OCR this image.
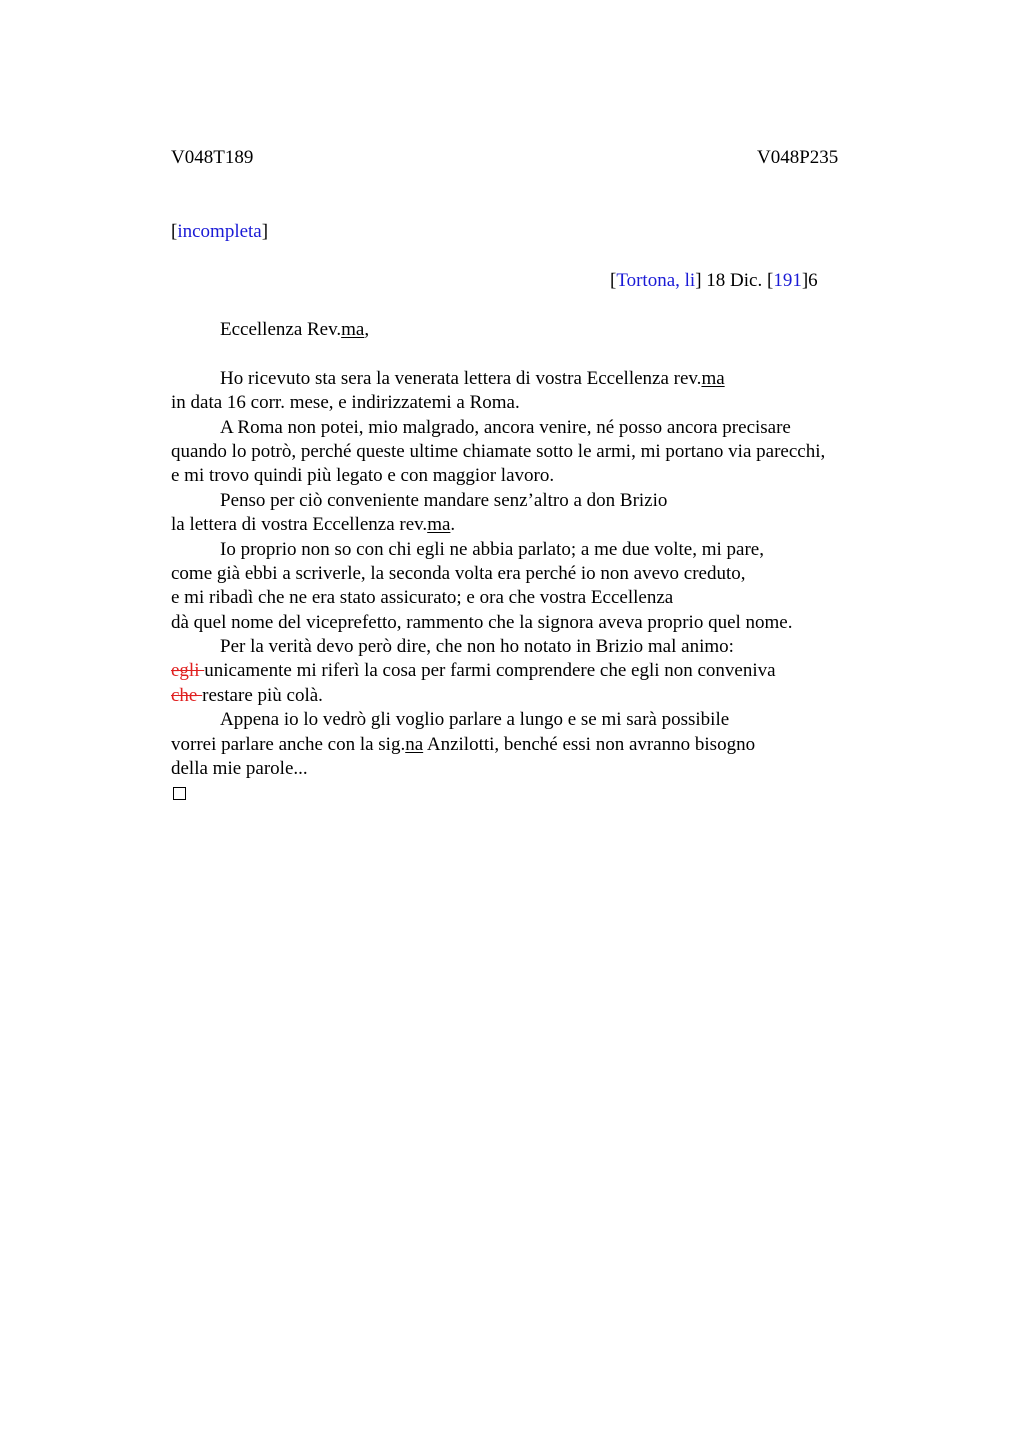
V048T189	V048P235
[incompleta]
[Tortona, li] 18 Dic. [191]6
Eccellenza Rev.ma,
Ho ricevuto sta sera la venerata lettera di vostra Eccellenza rev.ma
in data 16 corr. mese, e indirizzatemi a Roma.
A Roma non potei, mio malgrado, ancora venire, né posso ancora precisare
quando lo potrò, perché queste ultime chiamate sotto le armi, mi portano via parecchi,
e mi trovo quindi più legato e con maggior lavoro.
Penso per ciò conveniente mandare senz’altro a don Brizio
la lettera di vostra Eccellenza rev.ma.
Io proprio non so con chi egli ne abbia parlato; a me due volte, mi pare,
come già ebbi a scriverle, la seconda volta era perché io non avevo creduto,
e mi ribadì che ne era stato assicurato; e ora che vostra Eccellenza
dà quel nome del viceprefetto, rammento che la signora aveva proprio quel nome.
Per la verità devo però dire, che non ho notato in Brizio mal animo:
egli unicamente mi riferì la cosa per farmi comprendere che egli non conveniva
che restare più colà.
Appena io lo vedrò gli voglio parlare a lungo e se mi sarà possibile
vorrei parlare anche con la sig.na Anzilotti, benché essi non avranno bisogno
della mie parole...
